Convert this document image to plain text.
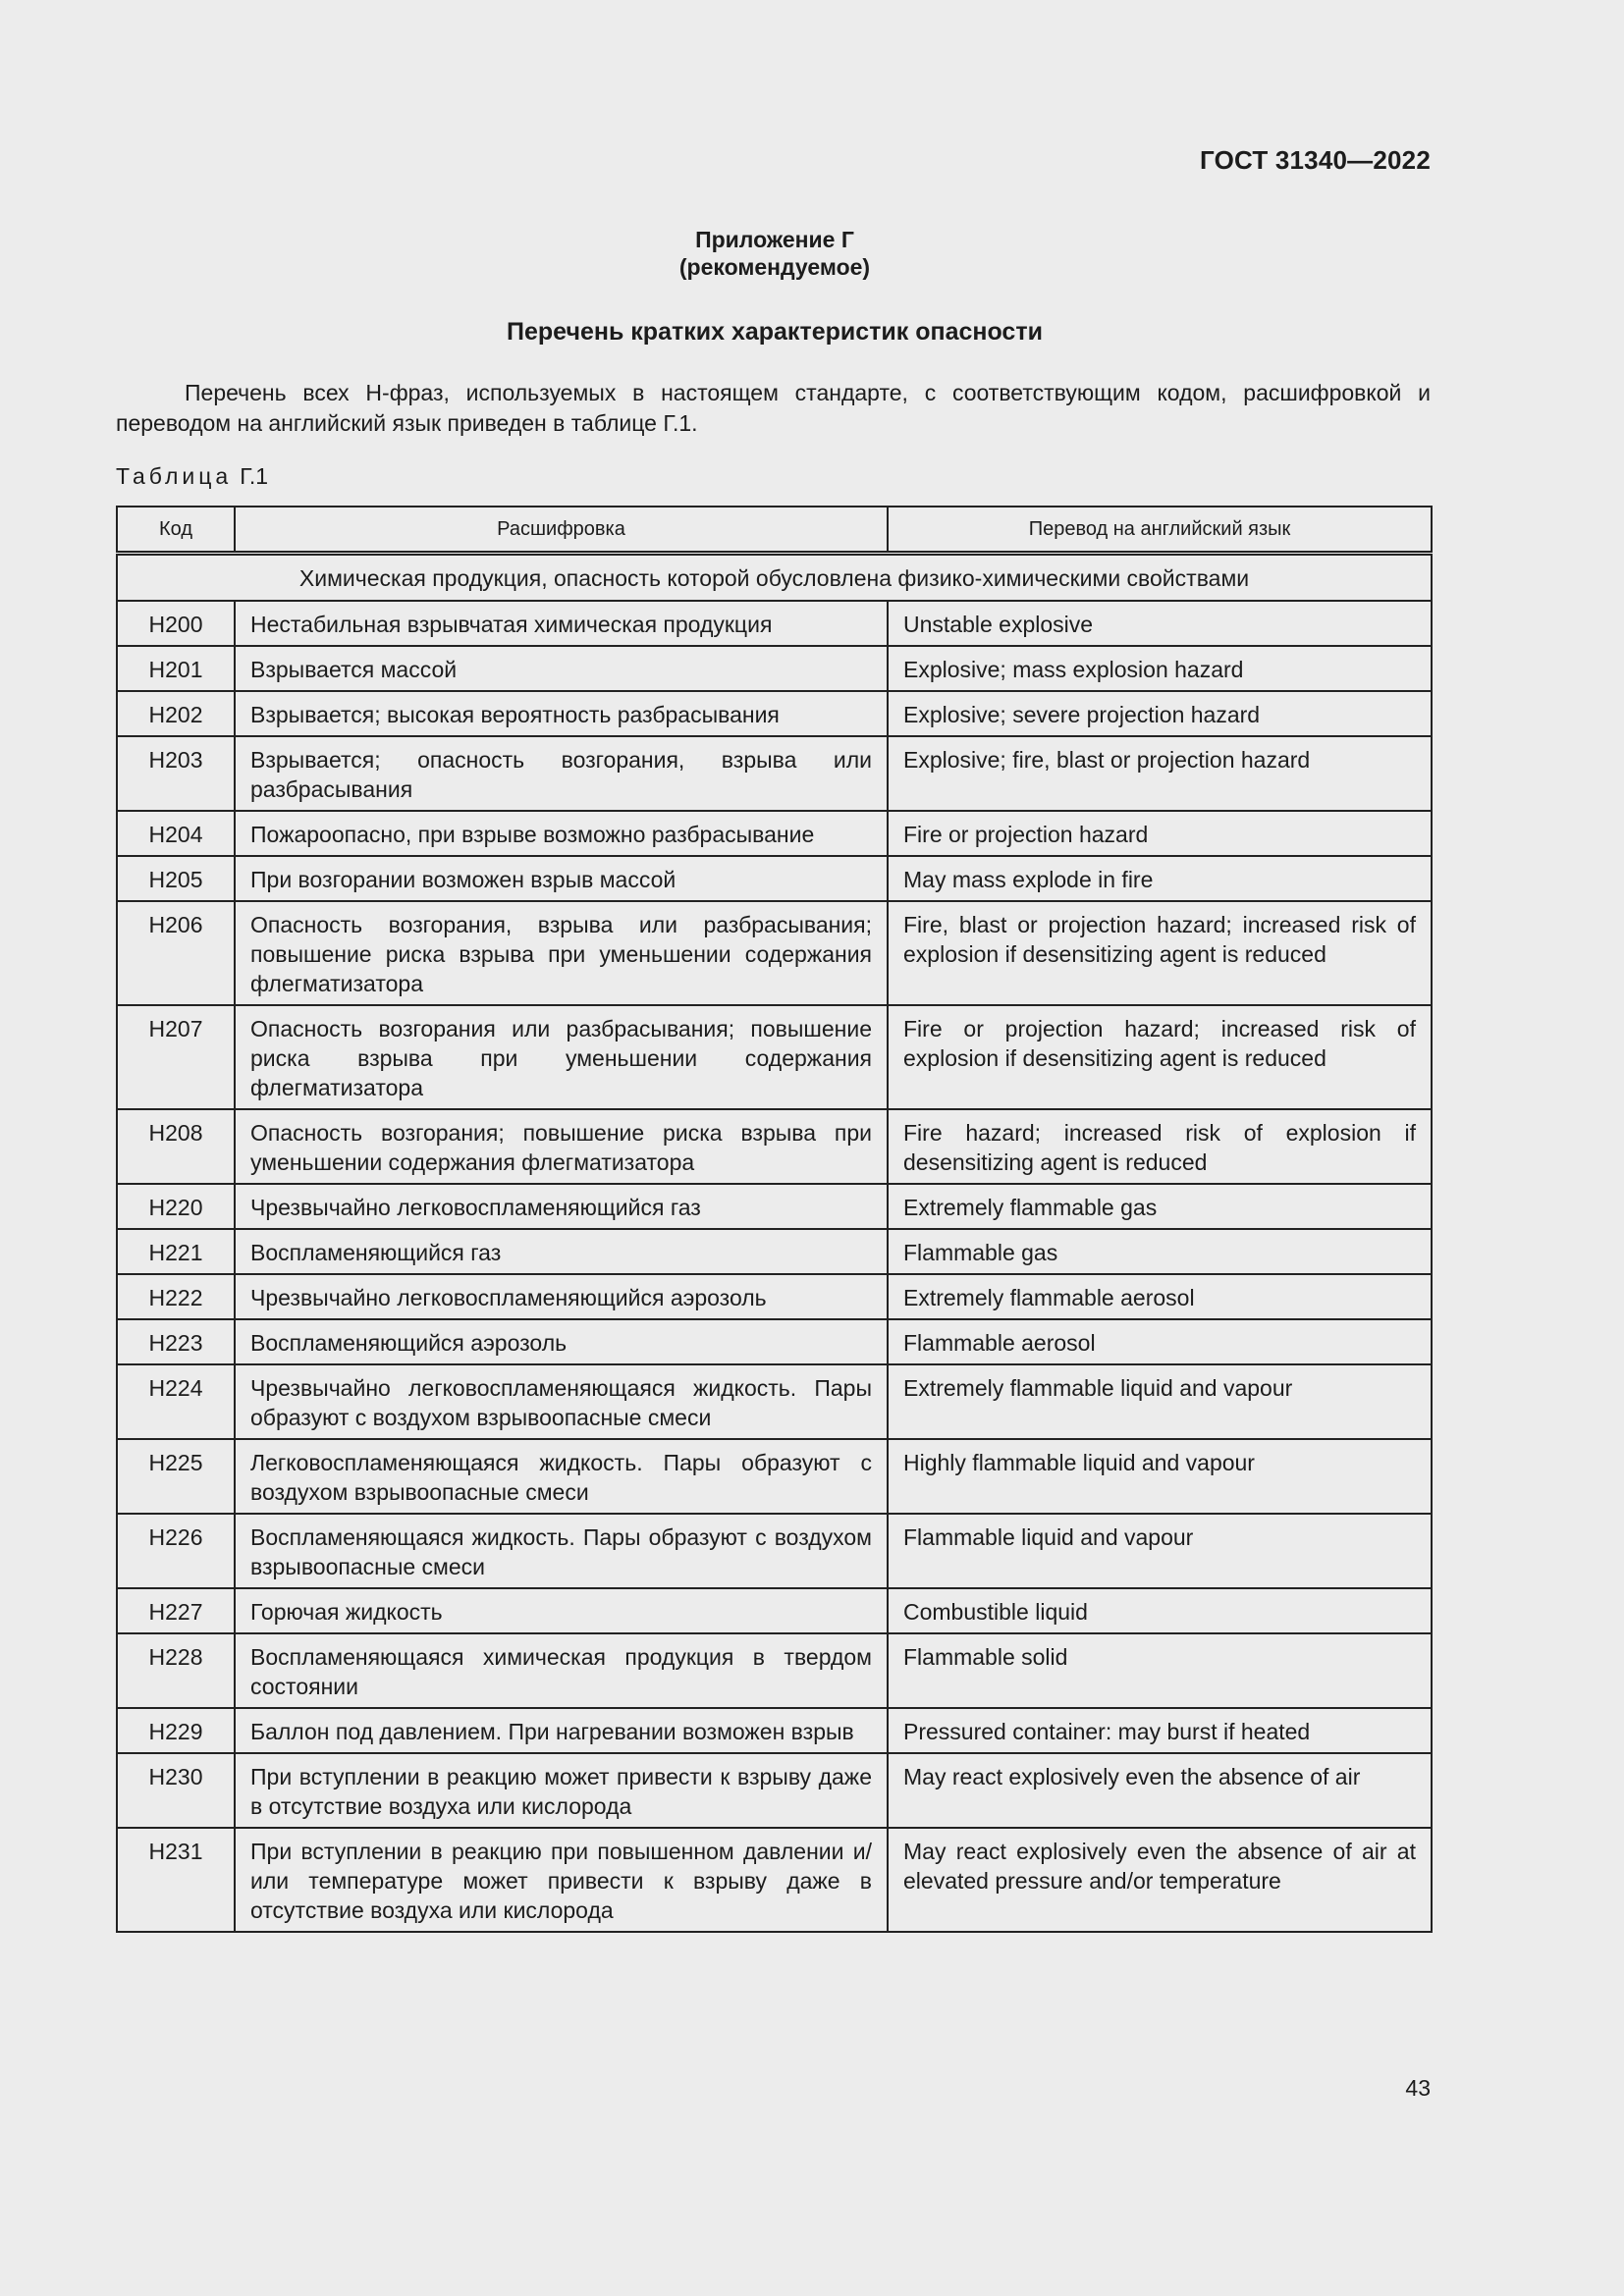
ГОСТ 31340—2022
Приложение Г
(рекомендуемое)
Перечень кратких характеристик опасности

Перечень всех Н-фраз, используемых в настоящем стандарте, с соответствующим кодом, расшифровкой и переводом на английский язык приведен в таблице Г.1.

Таблица Г.1
Код	Расшифровка	Перевод на английский язык
Химическая продукция, опасность которой обусловлена физико-химическими свойствами		
H200	Нестабильная взрывчатая химическая продукция	Unstable explosive
H201	Взрывается массой	Explosive; mass explosion hazard
H202	Взрывается; высокая вероятность разбрасывания	Explosive; severe projection hazard
H203	Взрывается; опасность возгорания, взрыва или разбрасывания	Explosive; fire, blast or projection hazard
H204	Пожароопасно, при взрыве возможно разбрасывание	Fire or projection hazard
H205	При возгорании возможен взрыв массой	May mass explode in fire
H206	Опасность возгорания, взрыва или разбрасывания; повышение риска взрыва при уменьшении содержания флегматизатора	Fire, blast or projection hazard; increased risk of explosion if desensitizing agent is reduced
H207	Опасность возгорания или разбрасывания; повышение риска взрыва при уменьшении содержания флегматизатора	Fire or projection hazard; increased risk of explosion if desensitizing agent is reduced
H208	Опасность возгорания; повышение риска взрыва при уменьшении содержания флегматизатора	Fire hazard; increased risk of explosion if desensitizing agent is reduced
H220	Чрезвычайно легковоспламеняющийся газ	Extremely flammable gas
H221	Воспламеняющийся газ	Flammable gas
H222	Чрезвычайно легковоспламеняющийся аэрозоль	Extremely flammable aerosol
H223	Воспламеняющийся аэрозоль	Flammable aerosol
H224	Чрезвычайно легковоспламеняющаяся жидкость. Пары образуют с воздухом взрывоопасные смеси	Extremely flammable liquid and vapour
H225	Легковоспламеняющаяся жидкость. Пары образуют с воздухом взрывоопасные смеси	Highly flammable liquid and vapour
H226	Воспламеняющаяся жидкость. Пары образуют с воздухом взрывоопасные смеси	Flammable liquid and vapour
H227	Горючая жидкость	Combustible liquid
H228	Воспламеняющаяся химическая продукция в твердом состоянии	Flammable solid
H229	Баллон под давлением. При нагревании возможен взрыв	Pressured container: may burst if heated
H230	При вступлении в реакцию может привести к взрыву даже в отсутствие воздуха или кислорода	May react explosively even the absence of air
H231	При вступлении в реакцию при повышенном давлении и/или температуре может привести к взрыву даже в отсутствие воздуха или кислорода	May react explosively even the absence of air at elevated pressure and/or temperature
43
